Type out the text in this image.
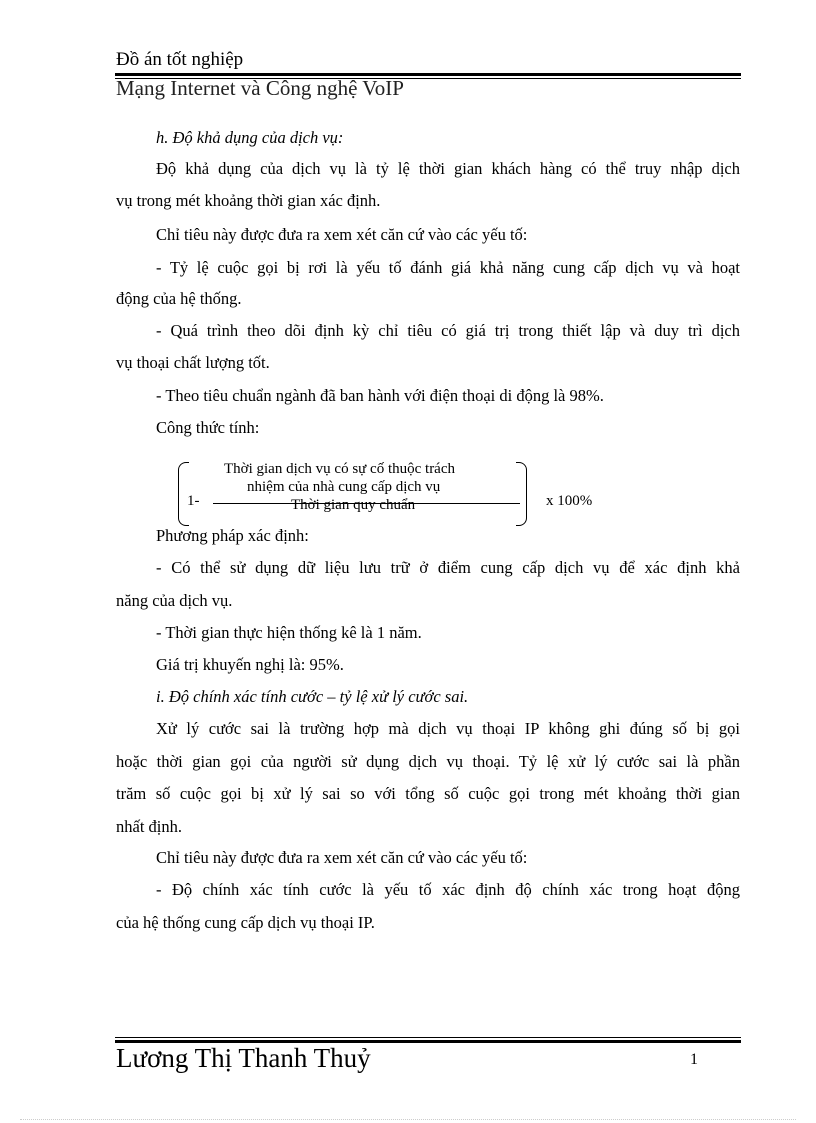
Đồ án tốt nghiệp
Mạng Internet và Công nghệ VoIP
h. Độ khả dụng của dịch vụ:
Độ khả dụng của dịch vụ là tỷ lệ thời gian khách hàng có thể truy nhập dịch
vụ trong mét khoảng thời gian xác định.
Chỉ tiêu này được đưa ra xem xét căn cứ vào các yếu tố:
- Tỷ lệ cuộc gọi bị rơi là yếu tố đánh giá khả năng cung cấp dịch vụ và hoạt
động của hệ thống.
- Quá trình theo dõi định kỳ chỉ tiêu có giá trị trong thiết lập và duy trì dịch
vụ thoại chất lượng tốt.
- Theo tiêu chuẩn ngành đã ban hành với điện thoại di động là 98%.
Công thức tính:
1-
Thời gian dịch vụ có sự cố thuộc trách
nhiệm của nhà cung cấp dịch vụ
Thời gian quy chuẩn	x 100%
Phương pháp xác định:
- Có thể sử dụng dữ liệu lưu trữ ở điểm cung cấp dịch vụ để xác định khả
năng của dịch vụ.
- Thời gian thực hiện thống kê là 1 năm.
Giá trị khuyến nghị là: 95%.
i. Độ chính xác tính cước – tỷ lệ xử lý cước sai.
Xử lý cước sai là trường hợp mà dịch vụ thoại IP không ghi đúng số bị gọi
hoặc thời gian gọi của người sử dụng dịch vụ thoại. Tỷ lệ xử lý cước sai là phần
trăm số cuộc gọi bị xử lý sai so với tổng số cuộc gọi trong mét khoảng thời gian
nhất định.
Chỉ tiêu này được đưa ra xem xét căn cứ vào các yếu tố:
- Độ chính xác tính cước là yếu tố xác định độ chính xác trong hoạt động
của hệ thống cung cấp dịch vụ thoại IP.
Lương Thị Thanh Thuỷ	1
